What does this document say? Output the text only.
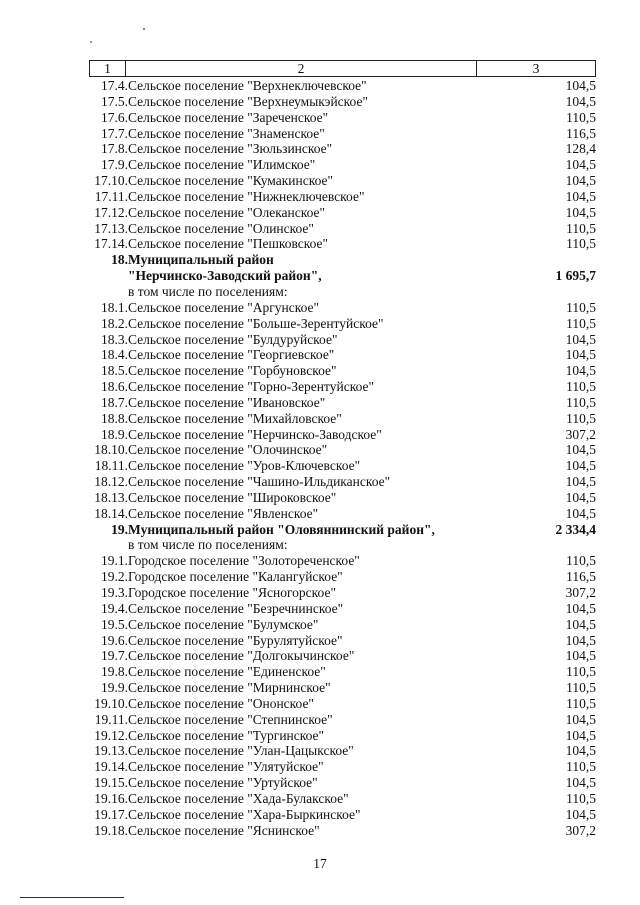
1	2	3
17.4. Сельское поселение "Верхнеключевское"	104,5
17.5. Сельское поселение "Верхнеумыкэйское"	104,5
17.6. Сельское поселение "Зареченское"	110,5
17.7. Сельское поселение "Знаменское"	116,5
17.8. Сельское поселение "Зюльзинское"	128,4
17.9. Сельское поселение "Илимское"	104,5
17.10. Сельское поселение "Кумакинское"	104,5
17.11. Сельское поселение "Нижнеключевское"	104,5
17.12. Сельское поселение "Олеканское"	104,5
17.13. Сельское поселение "Олинское"	110,5
17.14. Сельское поселение "Пешковское"	110,5
18. Муниципальный район
"Нерчинско-Заводский район",	1 695,7
в том числе по поселениям:
18.1. Сельское поселение "Аргунское"	110,5
18.2. Сельское поселение "Больше-Зерентуйское"	110,5
18.3. Сельское поселение "Булдуруйское"	104,5
18.4. Сельское поселение "Георгиевское"	104,5
18.5. Сельское поселение "Горбуновское"	104,5
18.6. Сельское поселение "Горно-Зерентуйское"	110,5
18.7. Сельское поселение "Ивановское"	110,5
18.8. Сельское поселение "Михайловское"	110,5
18.9. Сельское поселение "Нерчинско-Заводское"	307,2
18.10. Сельское поселение "Олочинское"	104,5
18.11. Сельское поселение "Уров-Ключевское"	104,5
18.12. Сельское поселение "Чашино-Ильдиканское"	104,5
18.13. Сельское поселение "Широковское"	104,5
18.14. Сельское поселение "Явленское"	104,5
19. Муниципальный район "Оловяннинский район",	2 334,4
в том числе по поселениям:
19.1. Городское поселение "Золотореченское"	110,5
19.2. Городское поселение "Калангуйское"	116,5
19.3. Городское поселение "Ясногорское"	307,2
19.4. Сельское поселение "Безречнинское"	104,5
19.5. Сельское поселение "Булумское"	104,5
19.6. Сельское поселение "Бурулятуйское"	104,5
19.7. Сельское поселение "Долгокычинское"	104,5
19.8. Сельское поселение "Единенское"	110,5
19.9. Сельское поселение "Мирнинское"	110,5
19.10. Сельское поселение "Ононское"	110,5
19.11. Сельское поселение "Степнинское"	104,5
19.12. Сельское поселение "Тургинское"	104,5
19.13. Сельское поселение "Улан-Цацыкское"	104,5
19.14. Сельское поселение "Улятуйское"	110,5
19.15. Сельское поселение "Уртуйское"	104,5
19.16. Сельское поселение "Хада-Булакское"	110,5
19.17. Сельское поселение "Хара-Быркинское"	104,5
19.18. Сельское поселение "Яснинское"	307,2
17
